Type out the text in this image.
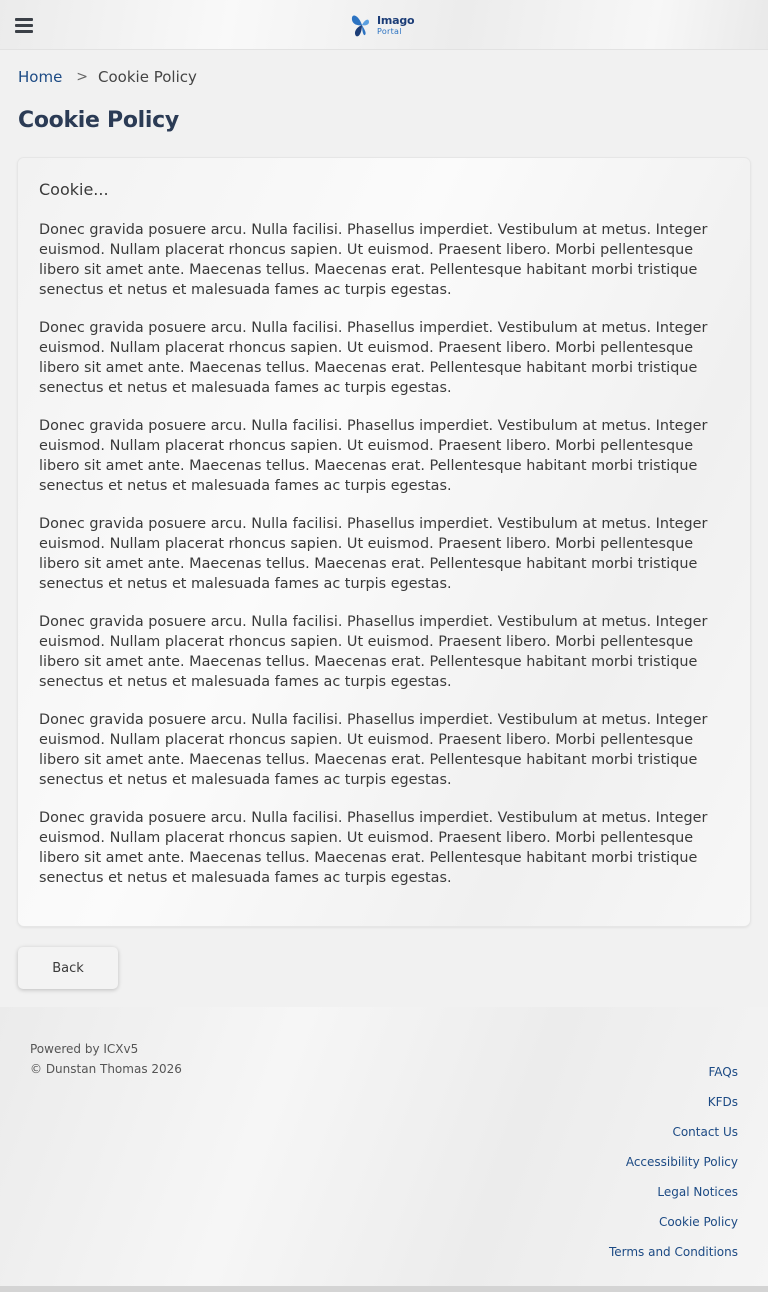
Imago
Portal
Home > Cookie Policy
Cookie Policy
Cookie...

Donec gravida posuere arcu. Nulla facilisi. Phasellus imperdiet. Vestibulum at metus. Integer euismod. Nullam placerat rhoncus sapien. Ut euismod. Praesent libero. Morbi pellentesque libero sit amet ante. Maecenas tellus. Maecenas erat. Pellentesque habitant morbi tristique senectus et netus et malesuada fames ac turpis egestas.

Donec gravida posuere arcu. Nulla facilisi. Phasellus imperdiet. Vestibulum at metus. Integer euismod. Nullam placerat rhoncus sapien. Ut euismod. Praesent libero. Morbi pellentesque libero sit amet ante. Maecenas tellus. Maecenas erat. Pellentesque habitant morbi tristique senectus et netus et malesuada fames ac turpis egestas.

Donec gravida posuere arcu. Nulla facilisi. Phasellus imperdiet. Vestibulum at metus. Integer euismod. Nullam placerat rhoncus sapien. Ut euismod. Praesent libero. Morbi pellentesque libero sit amet ante. Maecenas tellus. Maecenas erat. Pellentesque habitant morbi tristique senectus et netus et malesuada fames ac turpis egestas.

Donec gravida posuere arcu. Nulla facilisi. Phasellus imperdiet. Vestibulum at metus. Integer euismod. Nullam placerat rhoncus sapien. Ut euismod. Praesent libero. Morbi pellentesque libero sit amet ante. Maecenas tellus. Maecenas erat. Pellentesque habitant morbi tristique senectus et netus et malesuada fames ac turpis egestas.

Donec gravida posuere arcu. Nulla facilisi. Phasellus imperdiet. Vestibulum at metus. Integer euismod. Nullam placerat rhoncus sapien. Ut euismod. Praesent libero. Morbi pellentesque libero sit amet ante. Maecenas tellus. Maecenas erat. Pellentesque habitant morbi tristique senectus et netus et malesuada fames ac turpis egestas.

Donec gravida posuere arcu. Nulla facilisi. Phasellus imperdiet. Vestibulum at metus. Integer euismod. Nullam placerat rhoncus sapien. Ut euismod. Praesent libero. Morbi pellentesque libero sit amet ante. Maecenas tellus. Maecenas erat. Pellentesque habitant morbi tristique senectus et netus et malesuada fames ac turpis egestas.

Donec gravida posuere arcu. Nulla facilisi. Phasellus imperdiet. Vestibulum at metus. Integer euismod. Nullam placerat rhoncus sapien. Ut euismod. Praesent libero. Morbi pellentesque libero sit amet ante. Maecenas tellus. Maecenas erat. Pellentesque habitant morbi tristique senectus et netus et malesuada fames ac turpis egestas.

Back
Powered by ICXv5
© Dunstan Thomas 2026	FAQs
KFDs
Contact Us
Accessibility Policy
Legal Notices
Cookie Policy
Terms and Conditions
